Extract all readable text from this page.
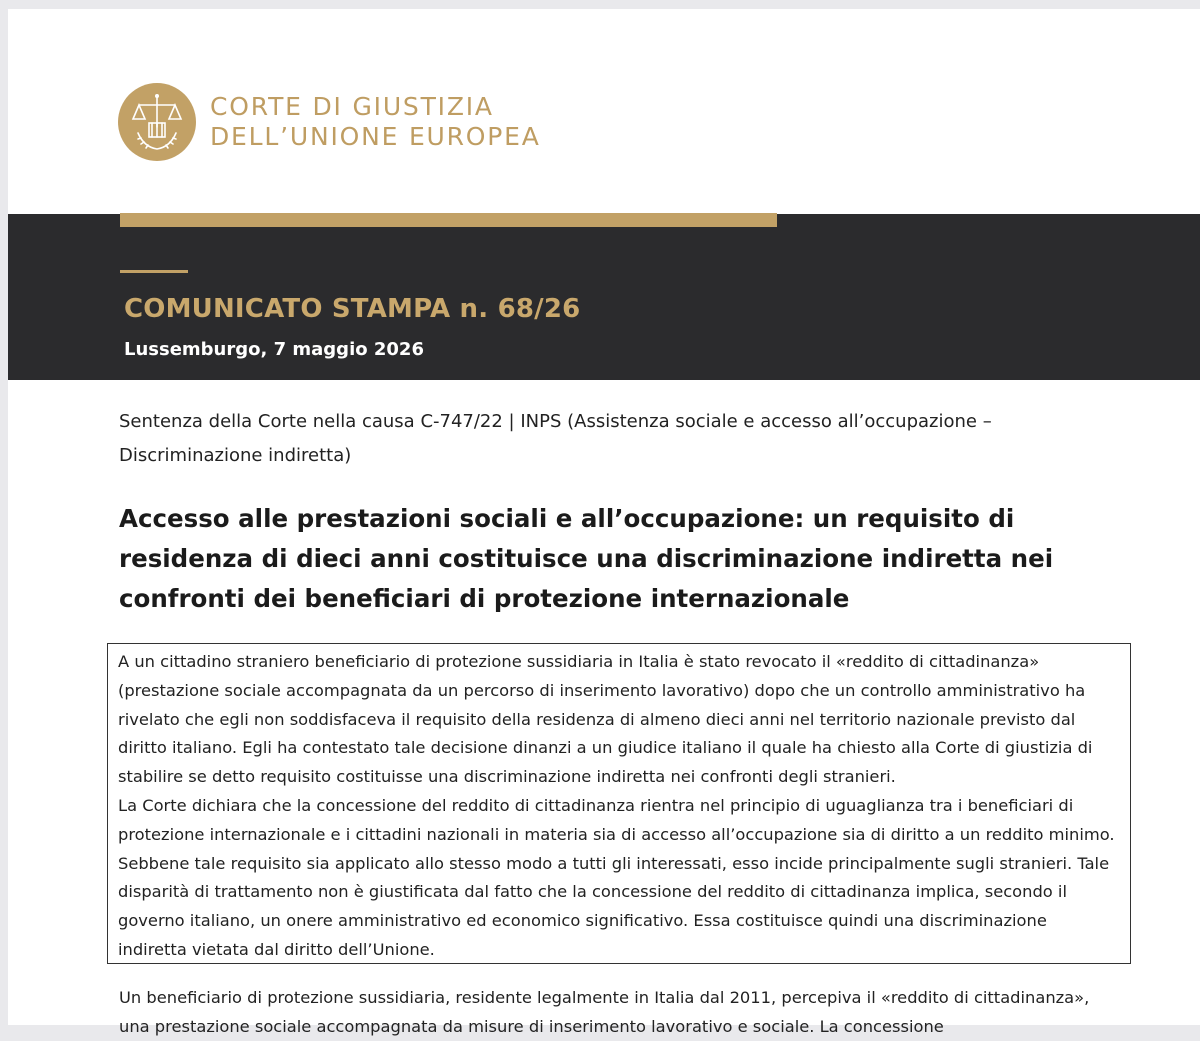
CORTE DI GIUSTIZIA
DELL’UNIONE EUROPEA
COMUNICATO STAMPA n. 68/26
Lussemburgo, 7 maggio 2026
Sentenza della Corte nella causa C-747/22 | INPS (Assistenza sociale e accesso all’occupazione – Discriminazione indiretta)
Accesso alle prestazioni sociali e all’occupazione: un requisito di residenza di dieci anni costituisce una discriminazione indiretta nei confronti dei beneficiari di protezione internazionale

A un cittadino straniero beneficiario di protezione sussidiaria in Italia è stato revocato il «reddito di cittadinanza» (prestazione sociale accompagnata da un percorso di inserimento lavorativo) dopo che un controllo amministrativo ha rivelato che egli non soddisfaceva il requisito della residenza di almeno dieci anni nel territorio nazionale previsto dal diritto italiano. Egli ha contestato tale decisione dinanzi a un giudice italiano il quale ha chiesto alla Corte di giustizia di stabilire se detto requisito costituisse una discriminazione indiretta nei confronti degli stranieri.

La Corte dichiara che la concessione del reddito di cittadinanza rientra nel principio di uguaglianza tra i beneficiari di protezione internazionale e i cittadini nazionali in materia sia di accesso all’occupazione sia di diritto a un reddito minimo. Sebbene tale requisito sia applicato allo stesso modo a tutti gli interessati, esso incide principalmente sugli stranieri. Tale disparità di trattamento non è giustificata dal fatto che la concessione del reddito di cittadinanza implica, secondo il governo italiano, un onere amministrativo ed economico significativo. Essa costituisce quindi una discriminazione indiretta vietata dal diritto dell’Unione.

Un beneficiario di protezione sussidiaria, residente legalmente in Italia dal 2011, percepiva il «reddito di cittadinanza», una prestazione sociale accompagnata da misure di inserimento lavorativo e sociale. La concessione
